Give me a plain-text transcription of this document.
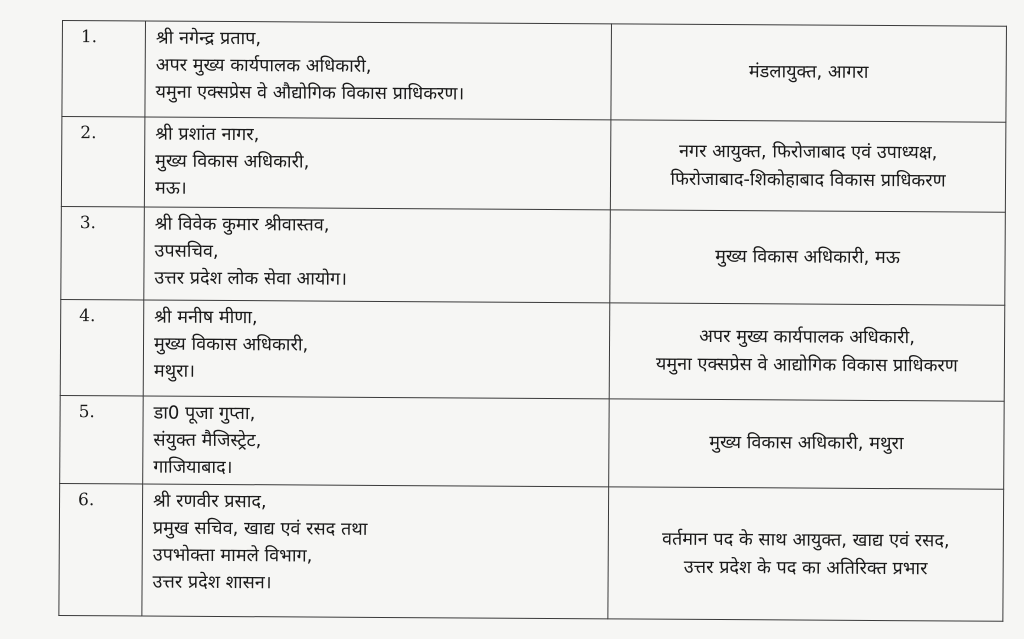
1.	श्री नगेन्द्र प्रताप,
अपर मुख्य कार्यपालक अधिकारी,
यमुना एक्सप्रेस वे औद्योगिक विकास प्राधिकरण।	मंडलायुक्त, आगरा

2.	श्री प्रशांत नागर,
मुख्य विकास अधिकारी,
मऊ।	नगर आयुक्त, फिरोजाबाद एवं उपाध्यक्ष,
फिरोजाबाद-शिकोहाबाद विकास प्राधिकरण

3.	श्री विवेक कुमार श्रीवास्तव,
उपसचिव,
उत्तर प्रदेश लोक सेवा आयोग।	मुख्य विकास अधिकारी, मऊ

4.	श्री मनीष मीणा,
मुख्य विकास अधिकारी,
मथुरा।	अपर मुख्य कार्यपालक अधिकारी,
यमुना एक्सप्रेस वे आद्योगिक विकास प्राधिकरण

5.	डा0 पूजा गुप्ता,
संयुक्त मैजिस्ट्रेट,
गाजियाबाद।	मुख्य विकास अधिकारी, मथुरा

6.	श्री रणवीर प्रसाद,
प्रमुख सचिव, खाद्य एवं रसद तथा
उपभोक्ता मामले विभाग,
उत्तर प्रदेश शासन।	वर्तमान पद के साथ आयुक्त, खाद्य एवं रसद,
उत्तर प्रदेश के पद का अतिरिक्त प्रभार
